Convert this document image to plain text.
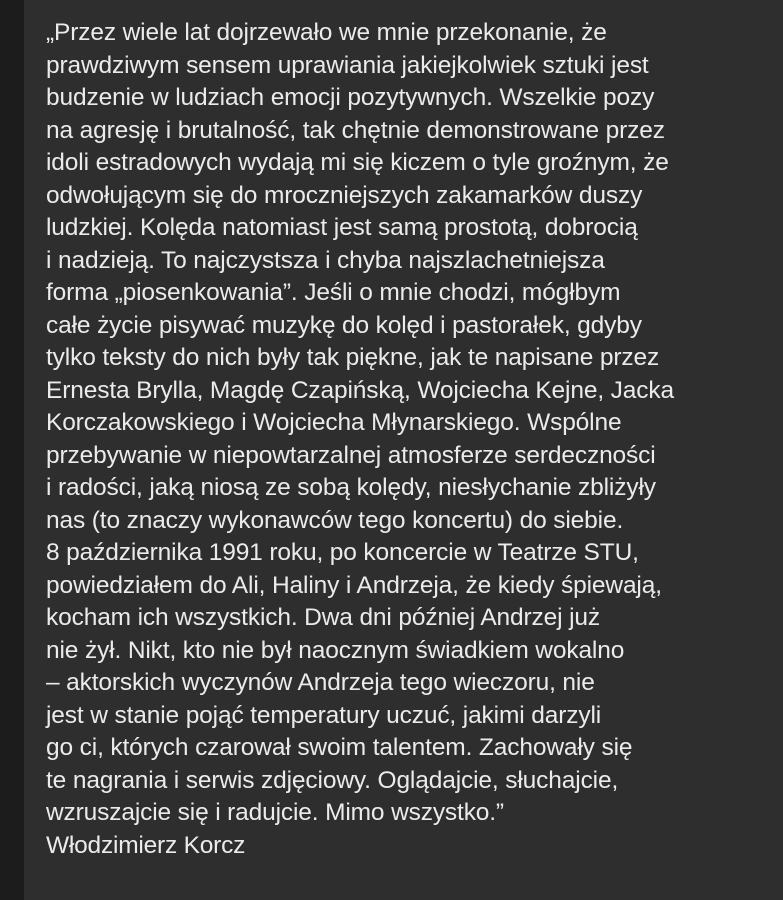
„Przez wiele lat dojrzewało we mnie przekonanie, że
prawdziwym sensem uprawiania jakiejkolwiek sztuki jest
budzenie w ludziach emocji pozytywnych. Wszelkie pozy
na agresję i brutalność, tak chętnie demonstrowane przez
idoli estradowych wydają mi się kiczem o tyle groźnym, że
odwołującym się do mroczniejszych zakamarków duszy
ludzkiej. Kolęda natomiast jest samą prostotą, dobrocią
i nadzieją. To najczystsza i chyba najszlachetniejsza
forma „piosenkowania”. Jeśli o mnie chodzi, mógłbym
całe życie pisywać muzykę do kolęd i pastorałek, gdyby
tylko teksty do nich były tak piękne, jak te napisane przez
Ernesta Brylla, Magdę Czapińską, Wojciecha Kejne, Jacka
Korczakowskiego i Wojciecha Młynarskiego. Wspólne
przebywanie w niepowtarzalnej atmosferze serdeczności
i radości, jaką niosą ze sobą kolędy, niesłychanie zbliżyły
nas (to znaczy wykonawców tego koncertu) do siebie.
8 października 1991 roku, po koncercie w Teatrze STU,
powiedziałem do Ali, Haliny i Andrzeja, że kiedy śpiewają,
kocham ich wszystkich. Dwa dni później Andrzej już
nie żył. Nikt, kto nie był naocznym świadkiem wokalno
– aktorskich wyczynów Andrzeja tego wieczoru, nie
jest w stanie pojąć temperatury uczuć, jakimi darzyli
go ci, których czarował swoim talentem. Zachowały się
te nagrania i serwis zdjęciowy. Oglądajcie, słuchajcie,
wzruszajcie się i radujcie. Mimo wszystko.”
Włodzimierz Korcz
